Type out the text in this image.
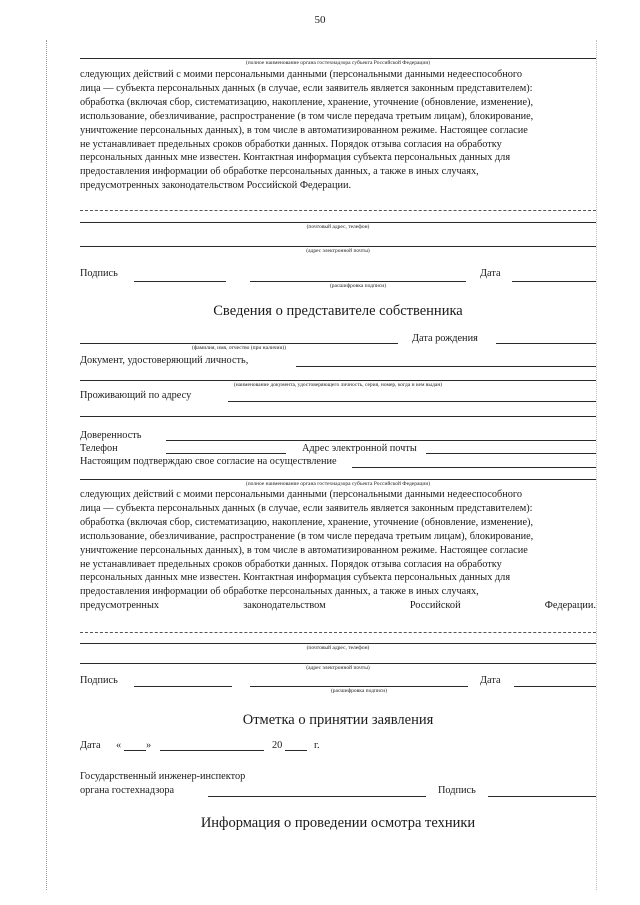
50
(полное наименование органа гостехнадзора субъекта Российской Федерации)

следующих действий с моими персональными данными (персональными данными недееспособного

лица — субъекта персональных данных (в случае, если заявитель является законным представителем):

обработка (включая сбор, систематизацию, накопление, хранение, уточнение (обновление, изменение),

использование, обезличивание, распространение (в том числе передача третьим лицам), блокирование,

уничтожение персональных данных), в том числе в автоматизированном режиме. Настоящее согласие

не устанавливает предельных сроков обработки данных. Порядок отзыва согласия на обработку

персональных данных мне известен. Контактная информация субъекта персональных данных для

предоставления информации об обработке персональных данных, а также в иных случаях,

предусмотренных законодательством Российской Федерации.

(почтовый адрес, телефон)
(адрес электронной почты)
Подпись
(расшифровка подписи)
Дата
Сведения о представителе собственника
Дата рождения
(фамилия, имя, отчество (при наличии))
Документ, удостоверяющий личность,
(наименование документа, удостоверяющего личность, серия, номер, когда и кем выдан)
Проживающий по адресу
Доверенность
Телефон	Адрес электронной почты
Настоящим подтверждаю свое согласие на осуществление
(полное наименование органа гостехнадзора субъекта Российской Федерации)

следующих действий с моими персональными данными (персональными данными недееспособного

лица — субъекта персональных данных (в случае, если заявитель является законным представителем):

обработка (включая сбор, систематизацию, накопление, хранение, уточнение (обновление, изменение),

использование, обезличивание, распространение (в том числе передача третьим лицам), блокирование,

уничтожение персональных данных), в том числе в автоматизированном режиме. Настоящее согласие

не устанавливает предельных сроков обработки данных. Порядок отзыва согласия на обработку

персональных данных мне известен. Контактная информация субъекта персональных данных для

предоставления информации об обработке персональных данных, а также в иных случаях,

предусмотренных	законодательством	Российской	Федерации.

(почтовый адрес, телефон)
(адрес электронной почты)
Подпись
(расшифровка подписи)
Дата
Отметка о принятии заявления
Дата « »	20	г.
Государственный инженер-инспектор
органа гостехнадзора	Подпись
Информация о проведении осмотра техники
